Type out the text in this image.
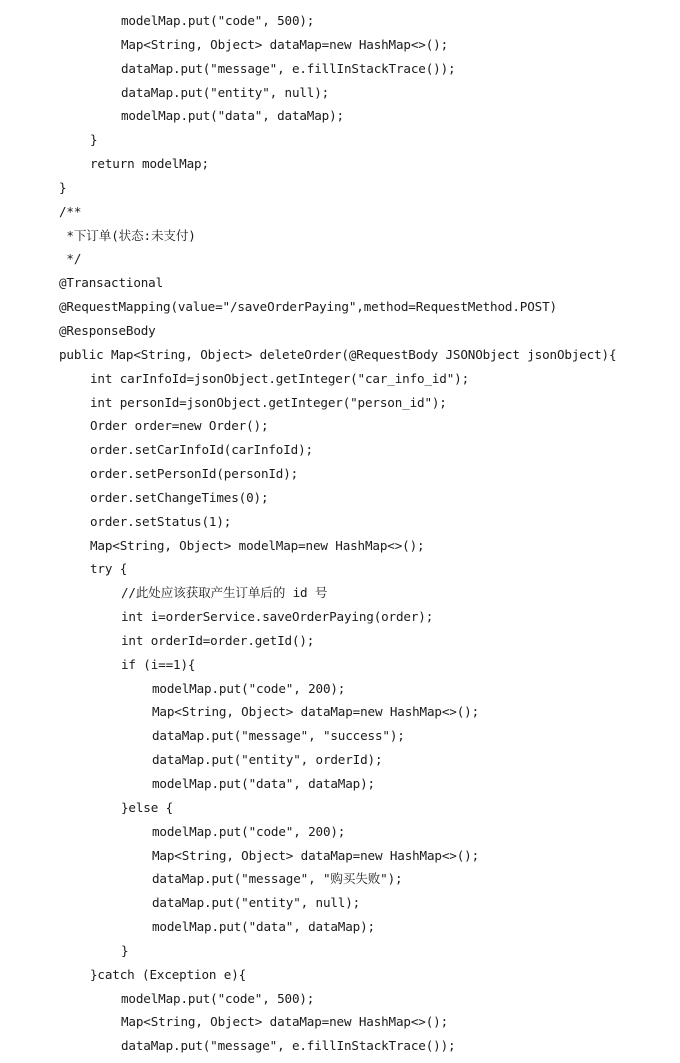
modelMap.put("code", 500);
Map<String, Object> dataMap=new HashMap<>();
dataMap.put("message", e.fillInStackTrace());
dataMap.put("entity", null);
modelMap.put("data", dataMap);
}
return modelMap;
}
/**
*下订单(状态:未支付)
*/
@Transactional
@RequestMapping(value="/saveOrderPaying",method=RequestMethod.POST)
@ResponseBody
public Map<String, Object> deleteOrder(@RequestBody JSONObject jsonObject){
int carInfoId=jsonObject.getInteger("car_info_id");
int personId=jsonObject.getInteger("person_id");
Order order=new Order();
order.setCarInfoId(carInfoId);
order.setPersonId(personId);
order.setChangeTimes(0);
order.setStatus(1);
Map<String, Object> modelMap=new HashMap<>();
try {
//此处应该获取产生订单后的 id 号
int i=orderService.saveOrderPaying(order);
int orderId=order.getId();
if (i==1){
modelMap.put("code", 200);
Map<String, Object> dataMap=new HashMap<>();
dataMap.put("message", "success");
dataMap.put("entity", orderId);
modelMap.put("data", dataMap);
}else {
modelMap.put("code", 200);
Map<String, Object> dataMap=new HashMap<>();
dataMap.put("message", "购买失败");
dataMap.put("entity", null);
modelMap.put("data", dataMap);
}
}catch (Exception e){
modelMap.put("code", 500);
Map<String, Object> dataMap=new HashMap<>();
dataMap.put("message", e.fillInStackTrace());
